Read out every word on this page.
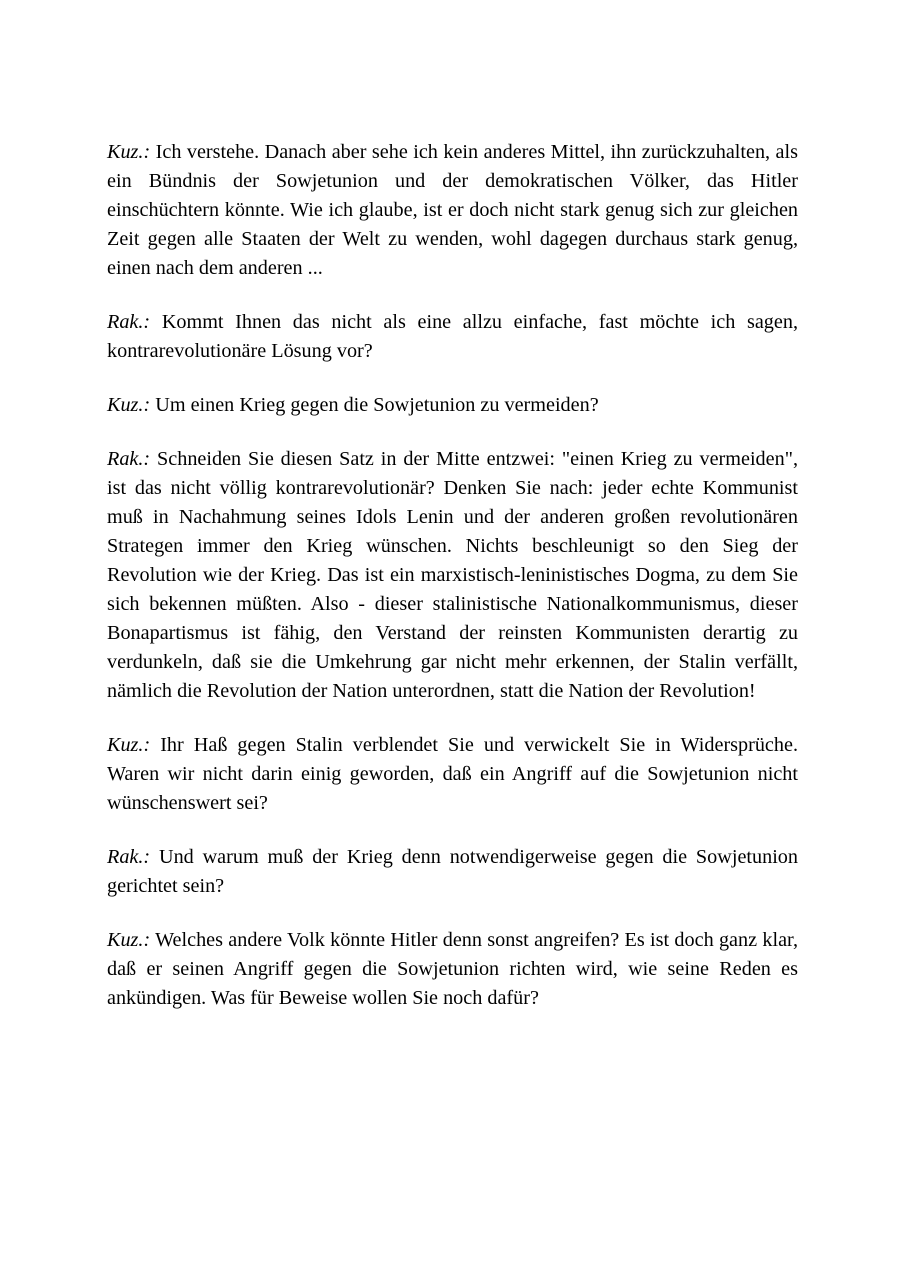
Kuz.: Ich verstehe. Danach aber sehe ich kein anderes Mittel, ihn zurückzuhalten, als ein Bündnis der Sowjetunion und der demokratischen Völker, das Hitler einschüchtern könnte. Wie ich glaube, ist er doch nicht stark genug sich zur gleichen Zeit gegen alle Staaten der Welt zu wenden, wohl dagegen durchaus stark genug, einen nach dem anderen ...

Rak.: Kommt Ihnen das nicht als eine allzu einfache, fast möchte ich sagen, kontrarevolutionäre Lösung vor?

Kuz.: Um einen Krieg gegen die Sowjetunion zu vermeiden?

Rak.: Schneiden Sie diesen Satz in der Mitte entzwei: "einen Krieg zu vermeiden", ist das nicht völlig kontrarevolutionär? Denken Sie nach: jeder echte Kommunist muß in Nachahmung seines Idols Lenin und der anderen großen revolutionären Strategen immer den Krieg wünschen. Nichts beschleunigt so den Sieg der Revolution wie der Krieg. Das ist ein marxistisch-leninistisches Dogma, zu dem Sie sich bekennen müßten. Also - dieser stalinistische Nationalkommunismus, dieser Bonapartismus ist fähig, den Verstand der reinsten Kommunisten derartig zu verdunkeln, daß sie die Umkehrung gar nicht mehr erkennen, der Stalin verfällt, nämlich die Revolution der Nation unterordnen, statt die Nation der Revolution!

Kuz.: Ihr Haß gegen Stalin verblendet Sie und verwickelt Sie in Widersprüche. Waren wir nicht darin einig geworden, daß ein Angriff auf die Sowjetunion nicht wünschenswert sei?

Rak.: Und warum muß der Krieg denn notwendigerweise gegen die Sowjetunion gerichtet sein?

Kuz.: Welches andere Volk könnte Hitler denn sonst angreifen? Es ist doch ganz klar, daß er seinen Angriff gegen die Sowjetunion richten wird, wie seine Reden es ankündigen. Was für Beweise wollen Sie noch dafür?
